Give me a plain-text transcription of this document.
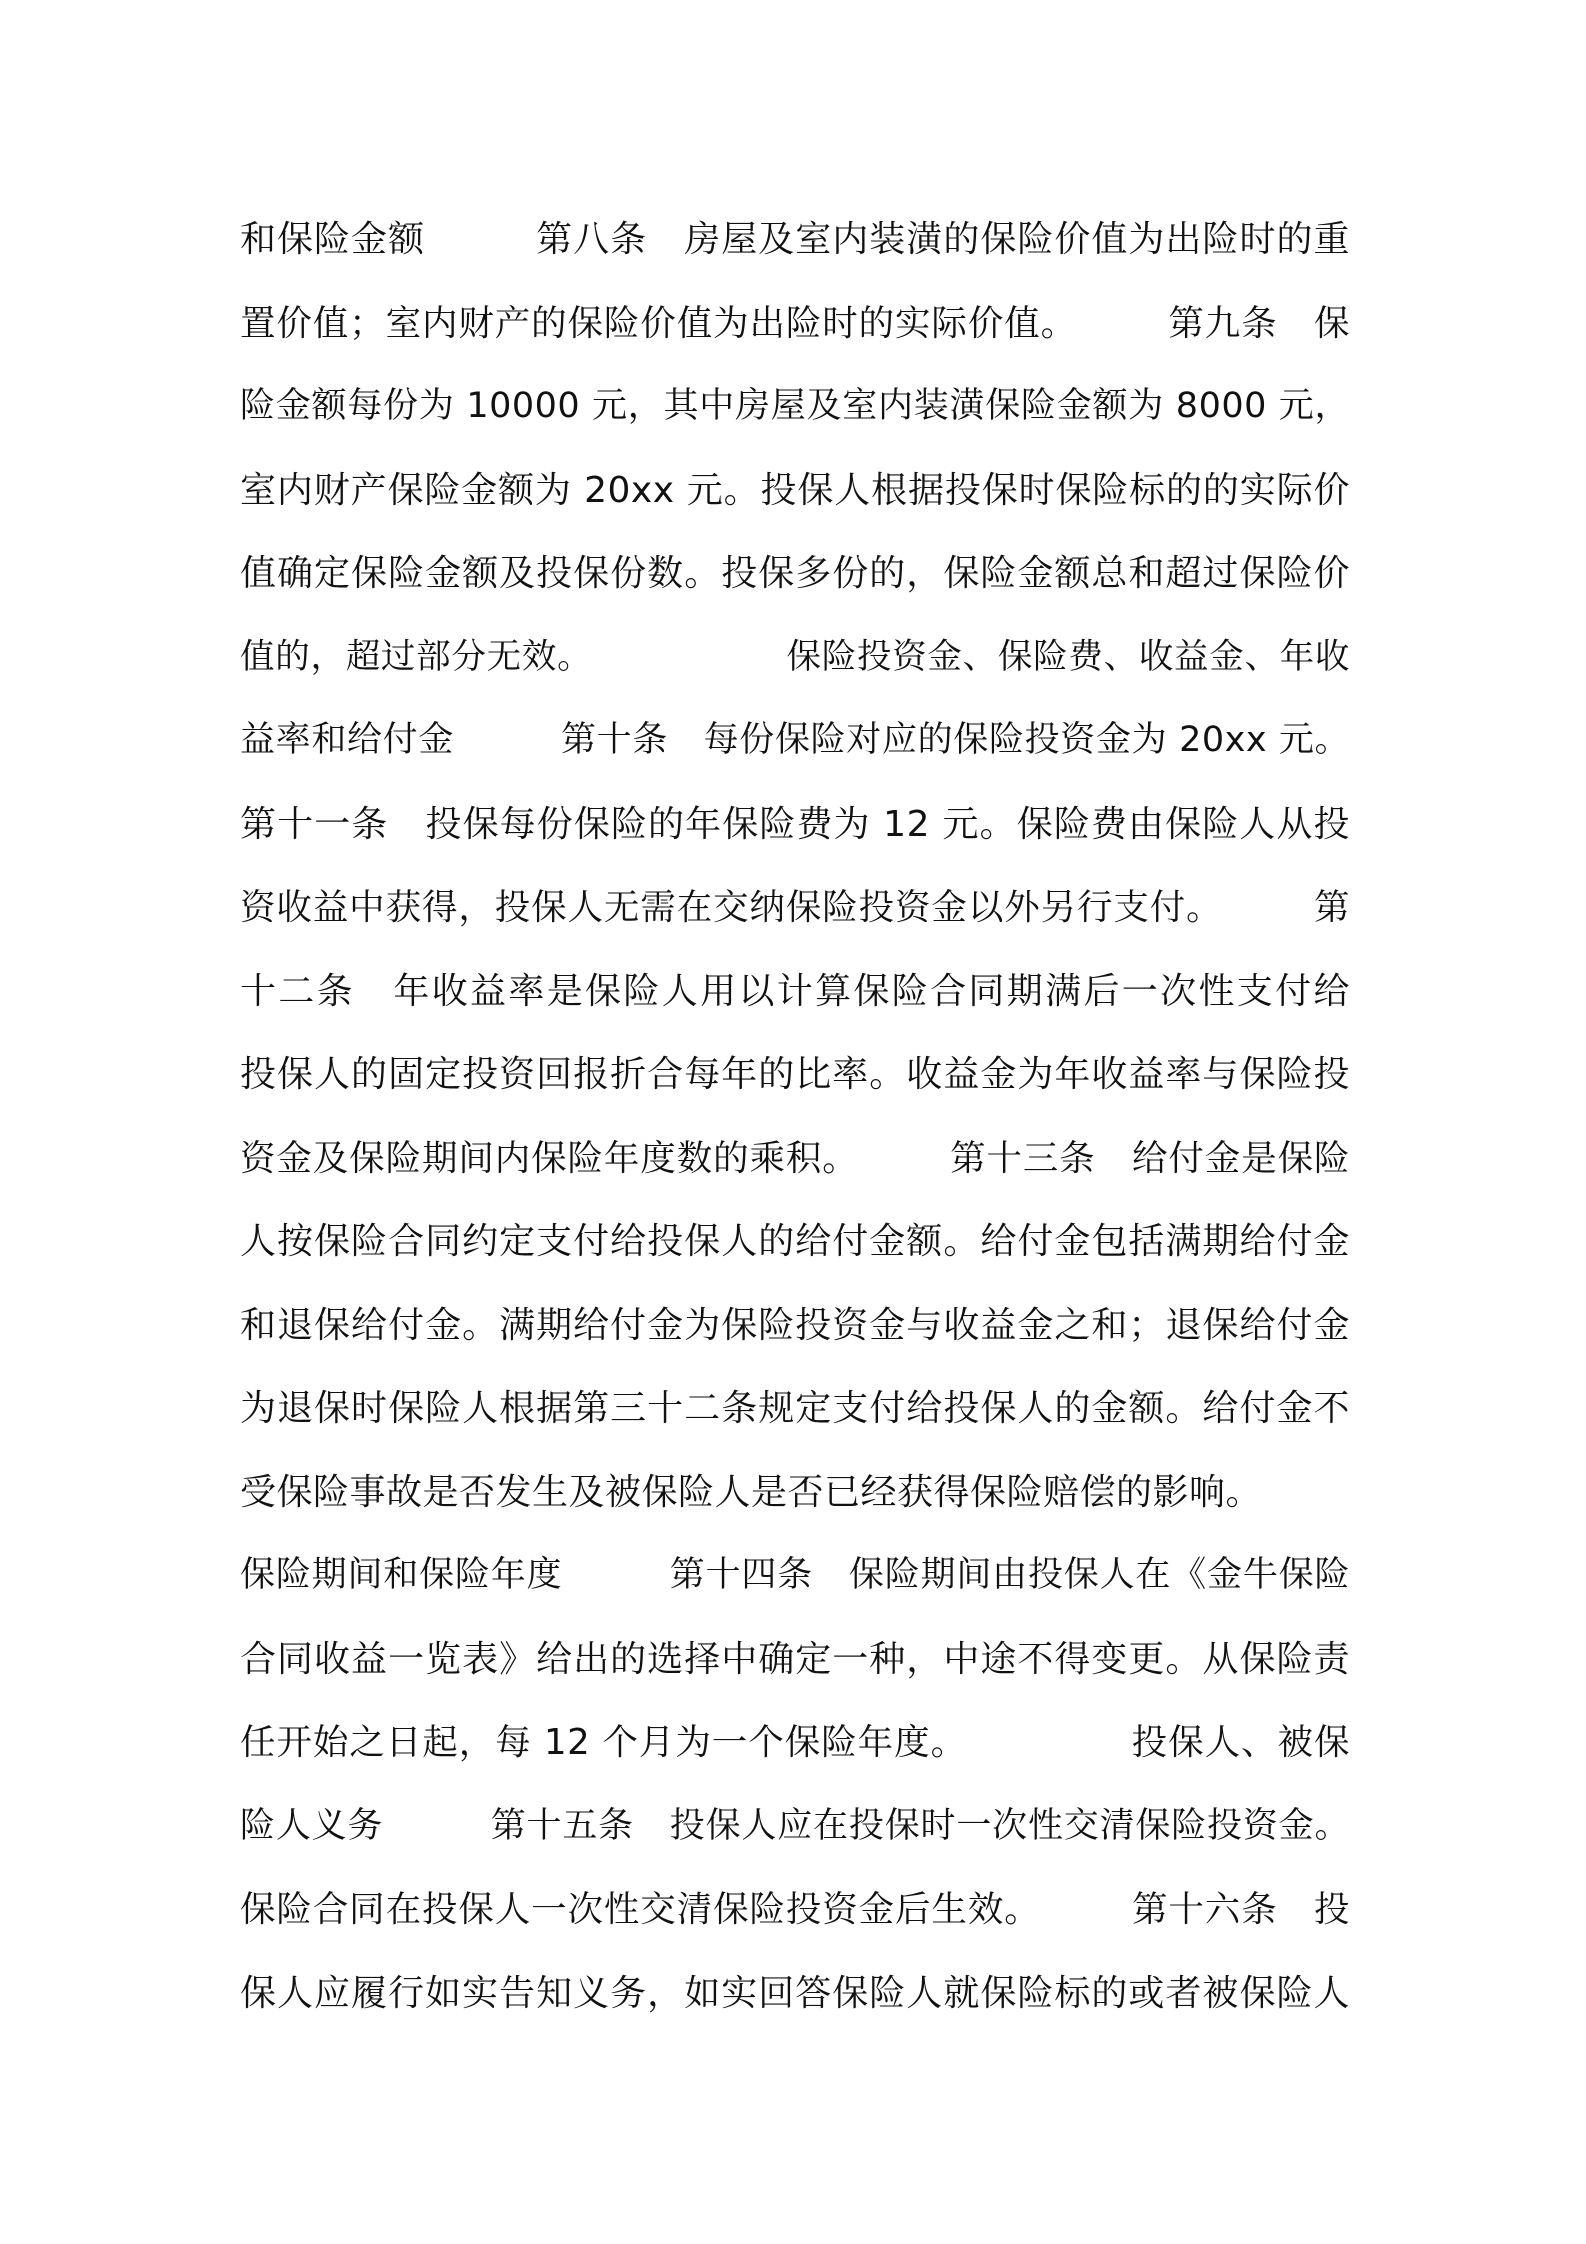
和保险金额　　　第八条　房屋及室内装潢的保险价值为出险时的重
置价值；室内财产的保险价值为出险时的实际价值。　　　第九条　保
险金额每份为 10000 元，其中房屋及室内装潢保险金额为 8000 元，
室内财产保险金额为 20xx 元。投保人根据投保时保险标的的实际价
值确定保险金额及投保份数。投保多份的，保险金额总和超过保险价
值的，超过部分无效。　　　　　　保险投资金、保险费、收益金、年收
益率和给付金　　　第十条　每份保险对应的保险投资金为 20xx 元。
第十一条　投保每份保险的年保险费为 12 元。保险费由保险人从投
资收益中获得，投保人无需在交纳保险投资金以外另行支付。　　　第
十二条　年收益率是保险人用以计算保险合同期满后一次性支付给
投保人的固定投资回报折合每年的比率。收益金为年收益率与保险投
资金及保险期间内保险年度数的乘积。　　　第十三条　给付金是保险
人按保险合同约定支付给投保人的给付金额。给付金包括满期给付金
和退保给付金。满期给付金为保险投资金与收益金之和；退保给付金
为退保时保险人根据第三十二条规定支付给投保人的金额。给付金不
受保险事故是否发生及被保险人是否已经获得保险赔偿的影响。
保险期间和保险年度　　　第十四条　保险期间由投保人在《金牛保险
合同收益一览表》给出的选择中确定一种，中途不得变更。从保险责
任开始之日起，每 12 个月为一个保险年度。　　　　　投保人、被保
险人义务　　　第十五条　投保人应在投保时一次性交清保险投资金。
保险合同在投保人一次性交清保险投资金后生效。　　　第十六条　投
保人应履行如实告知义务，如实回答保险人就保险标的或者被保险人
